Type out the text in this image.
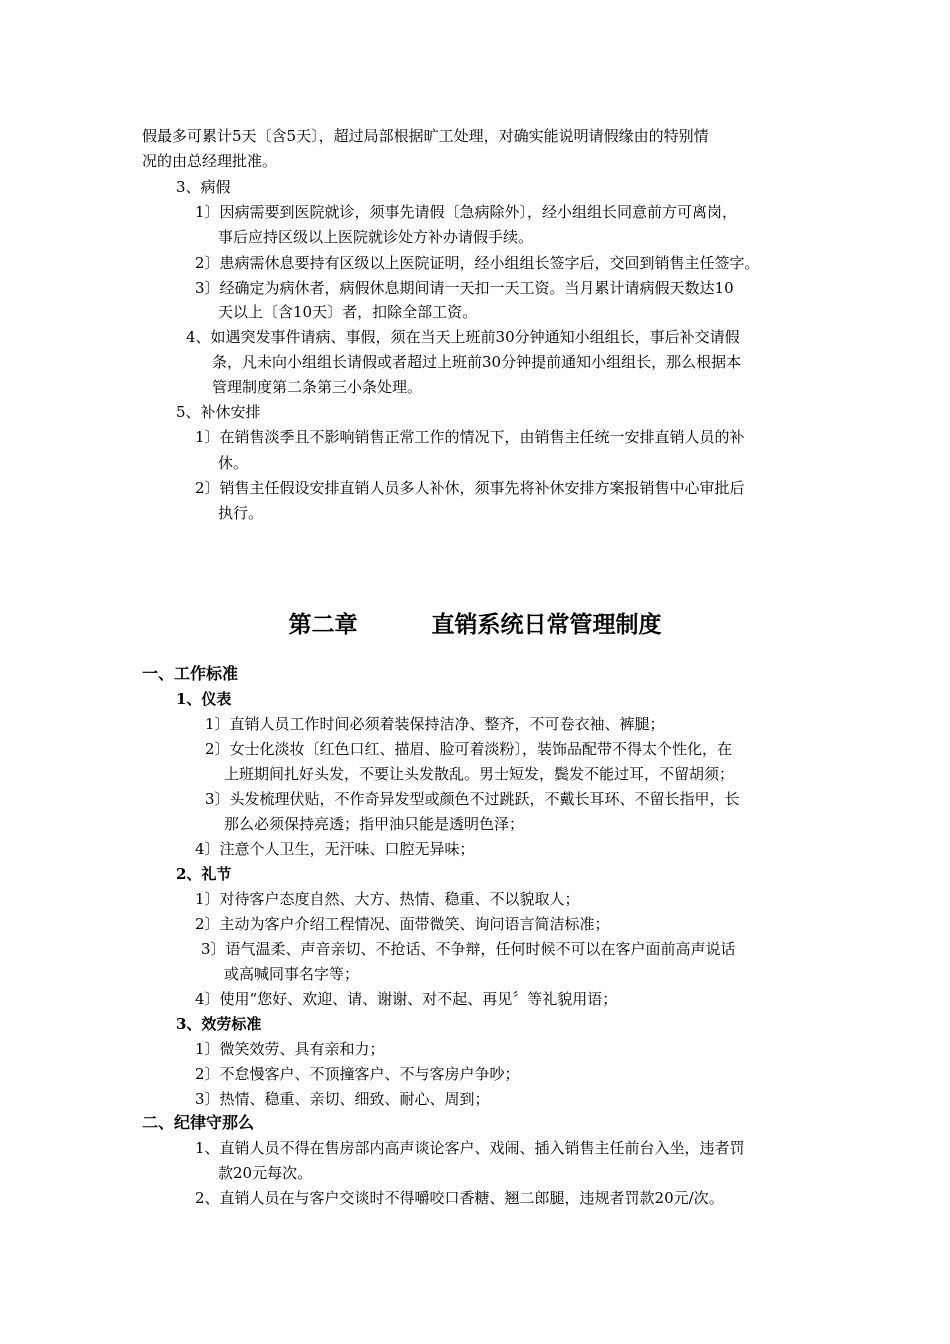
假最多可累计5天〔含5天〕，超过局部根据旷工处理，对确实能说明请假缘由的特别情
况的由总经理批准。
3、病假
1〕因病需要到医院就诊，须事先请假〔急病除外〕，经小组组长同意前方可离岗，
事后应持区级以上医院就诊处方补办请假手续。
2〕患病需休息要持有区级以上医院证明，经小组组长签字后，交回到销售主任签字。
3〕经确定为病休者，病假休息期间请一天扣一天工资。当月累计请病假天数达10
天以上〔含10天〕者，扣除全部工资。
4、如遇突发事件请病、事假，须在当天上班前30分钟通知小组组长，事后补交请假
条，凡未向小组组长请假或者超过上班前30分钟提前通知小组组长，那么根据本
管理制度第二条第三小条处理。
5、补休安排
1〕在销售淡季且不影响销售正常工作的情况下，由销售主任统一安排直销人员的补
休。
2〕销售主任假设安排直销人员多人补休，须事先将补休安排方案报销售中心审批后
执行。
第二章	直销系统日常管理制度
一、工作标准
1、仪表
1〕直销人员工作时间必须着装保持洁净、整齐，不可卷衣袖、裤腿；
2〕女士化淡妆〔红色口红、描眉、脸可着淡粉〕，装饰品配带不得太个性化，在
上班期间扎好头发，不要让头发散乱。男士短发，鬓发不能过耳，不留胡须；
3〕头发梳理伏贴，不作奇异发型或颜色不过跳跃，不戴长耳环、不留长指甲，长
那么必须保持亮透；指甲油只能是透明色泽；
4〕注意个人卫生，无汗味、口腔无异味；
2、礼节
1〕对待客户态度自然、大方、热情、稳重、不以貌取人；
2〕主动为客户介绍工程情况、面带微笑、询问语言简洁标准；
3〕语气温柔、声音亲切、不抢话、不争辩，任何时候不可以在客户面前高声说话
或高喊同事名字等；
4〕使用“您好、欢迎、请、谢谢、对不起、再见〞等礼貌用语；
3、效劳标准
1〕微笑效劳、具有亲和力；
2〕不怠慢客户、不顶撞客户、不与客房户争吵；
3〕热情、稳重、亲切、细致、耐心、周到；
二、纪律守那么
1、直销人员不得在售房部内高声谈论客户、戏闹、插入销售主任前台入坐，违者罚
款20元每次。
2、直销人员在与客户交谈时不得嚼咬口香糖、翘二郎腿，违规者罚款20元/次。
